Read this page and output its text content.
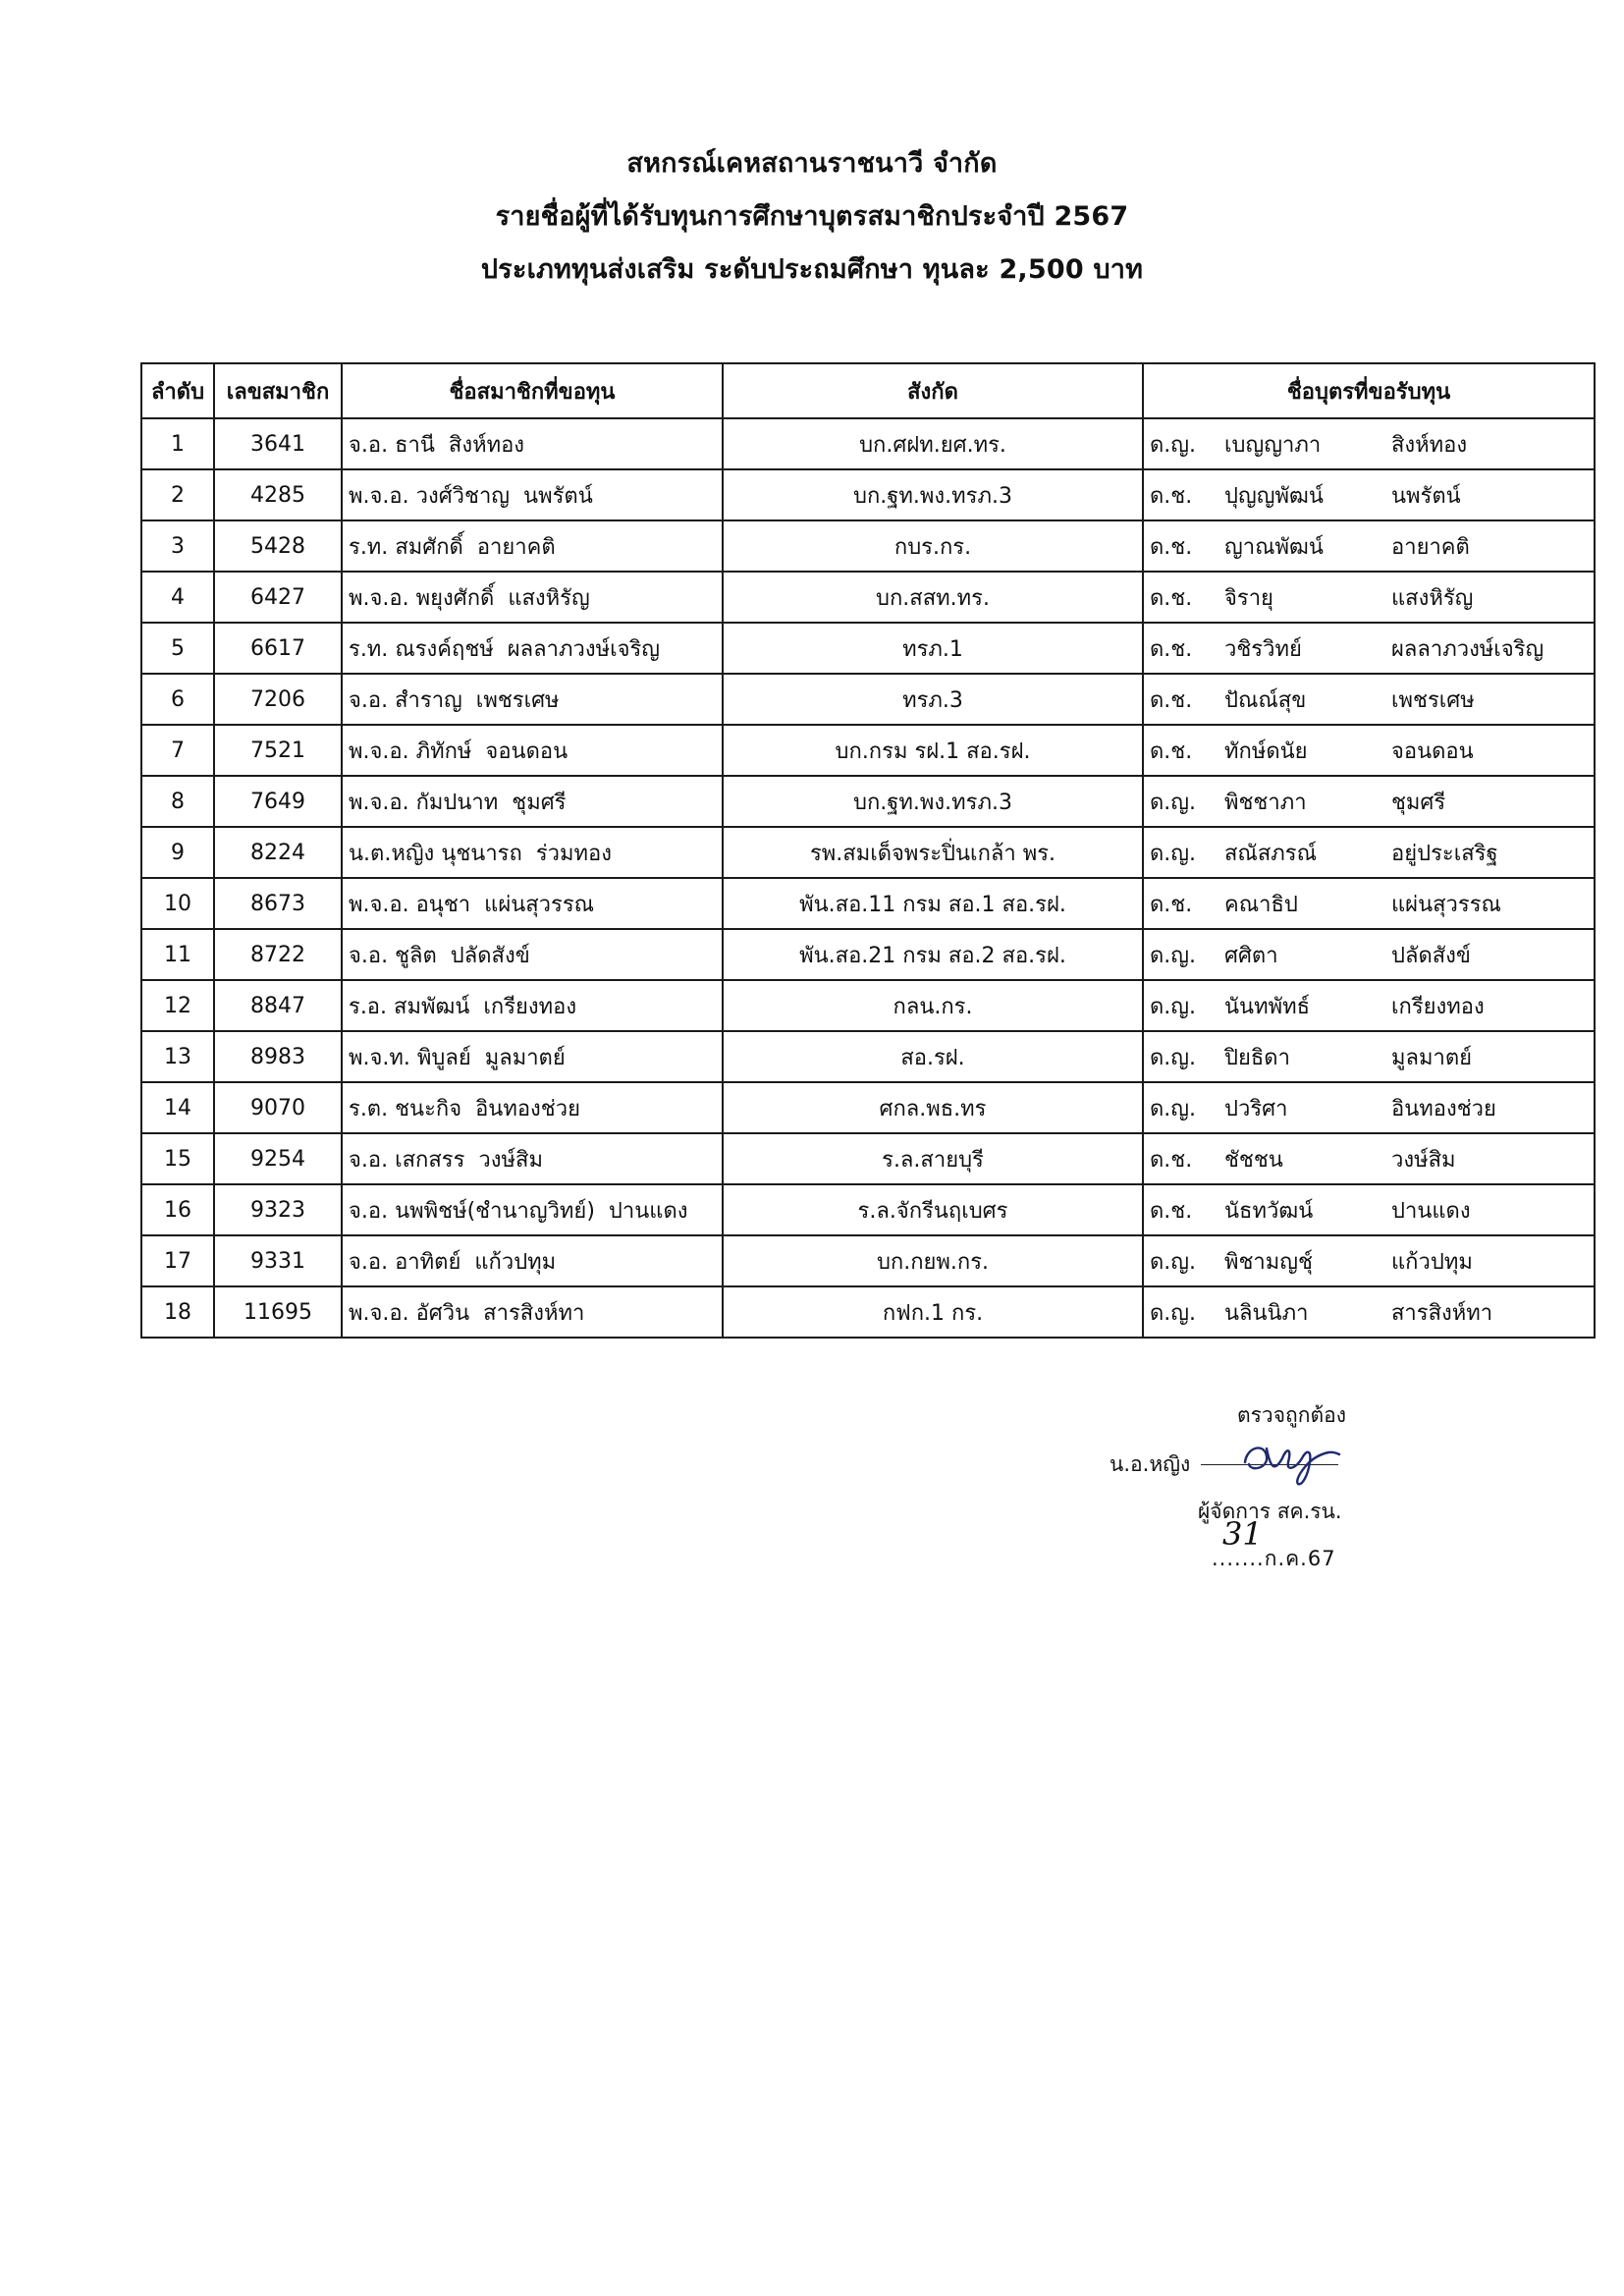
สหกรณ์เคหสถานราชนาวี จำกัด
รายชื่อผู้ที่ได้รับทุนการศึกษาบุตรสมาชิกประจำปี 2567
ประเภททุนส่งเสริม ระดับประถมศึกษา ทุนละ 2,500 บาท
ลำดับ	เลขสมาชิก	ชื่อสมาชิกที่ขอทุน	สังกัด	ชื่อบุตรที่ขอรับทุน
1	3641	จ.อ. ธานี สิงห์ทอง	บก.ศฝท.ยศ.ทร.	ด.ญ. เบญญาภา สิงห์ทอง
2	4285	พ.จ.อ. วงศ์วิชาญ นพรัตน์	บก.ฐท.พง.ทรภ.3	ด.ช. ปุญญพัฒน์ นพรัตน์
3	5428	ร.ท. สมศักดิ์ อายาคติ	กบร.กร.	ด.ช. ญาณพัฒน์ อายาคติ
4	6427	พ.จ.อ. พยุงศักดิ์ แสงหิรัญ	บก.สสท.ทร.	ด.ช. จิรายุ แสงหิรัญ
5	6617	ร.ท. ณรงค์ฤชษ์ ผลลาภวงษ์เจริญ	ทรภ.1	ด.ช. วชิรวิทย์ ผลลาภวงษ์เจริญ
6	7206	จ.อ. สำราญ เพชรเศษ	ทรภ.3	ด.ช. ปัณณ์สุข เพชรเศษ
7	7521	พ.จ.อ. ภิทักษ์ จอนดอน	บก.กรม รฝ.1 สอ.รฝ.	ด.ช. ทักษ์ดนัย จอนดอน
8	7649	พ.จ.อ. กัมปนาท ชุมศรี	บก.ฐท.พง.ทรภ.3	ด.ญ. พิชชาภา ชุมศรี
9	8224	น.ต.หญิง นุชนารถ ร่วมทอง	รพ.สมเด็จพระปิ่นเกล้า พร.	ด.ญ. สณัสภรณ์ อยู่ประเสริฐ
10	8673	พ.จ.อ. อนุชา แผ่นสุวรรณ	พัน.สอ.11 กรม สอ.1 สอ.รฝ.	ด.ช. คณาธิป แผ่นสุวรรณ
11	8722	จ.อ. ชูลิต ปลัดสังข์	พัน.สอ.21 กรม สอ.2 สอ.รฝ.	ด.ญ. ศศิตา ปลัดสังข์
12	8847	ร.อ. สมพัฒน์ เกรียงทอง	กลน.กร.	ด.ญ. นันทพัทธ์ เกรียงทอง
13	8983	พ.จ.ท. พิบูลย์ มูลมาตย์	สอ.รฝ.	ด.ญ. ปิยธิดา มูลมาตย์
14	9070	ร.ต. ชนะกิจ อินทองช่วย	ศกล.พธ.ทร	ด.ญ. ปวริศา อินทองช่วย
15	9254	จ.อ. เสกสรร วงษ์สิม	ร.ล.สายบุรี	ด.ช. ชัชชน วงษ์สิม
16	9323	จ.อ. นพพิชษ์(ชำนาญวิทย์) ปานแดง	ร.ล.จักรีนฤเบศร	ด.ช. นัธทวัฒน์ ปานแดง
17	9331	จ.อ. อาทิตย์ แก้วปทุม	บก.กยพ.กร.	ด.ญ. พิชามญชุ์ แก้วปทุม
18	11695	พ.จ.อ. อัศวิน สารสิงห์ทา	กฟก.1 กร.	ด.ญ. นลินนิภา สารสิงห์ทา
ตรวจถูกต้อง
น.อ.หญิง
ผู้จัดการ สค.รน.
31
.......ก.ค.67
